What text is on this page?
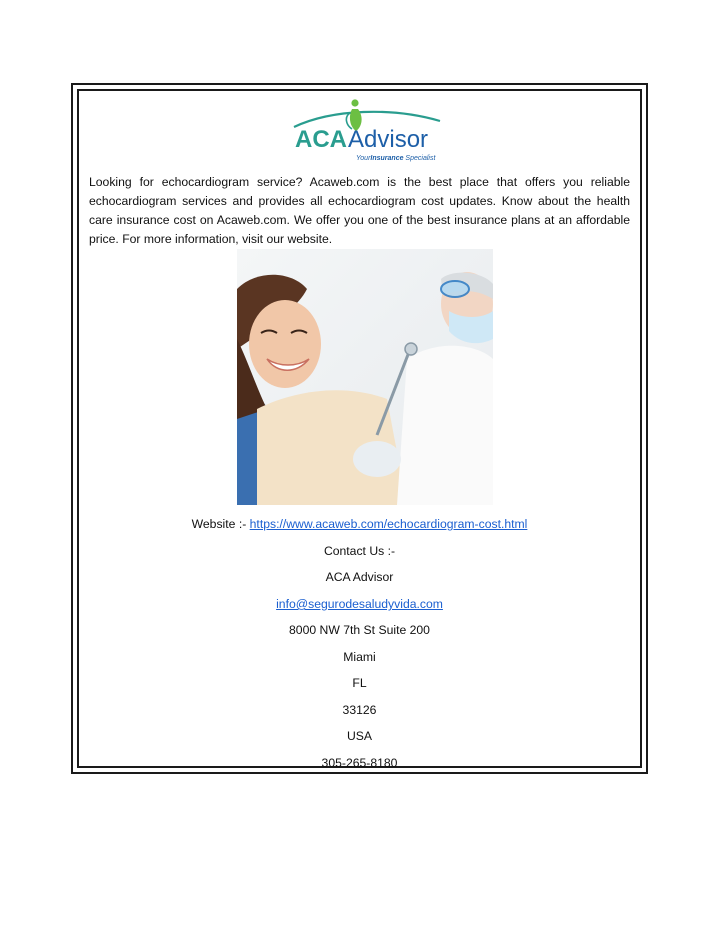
ACA Advisor
YourInsurance Specialist

Looking for echocardiogram service? Acaweb.com is the best place that offers you reliable echocardiogram services and provides all echocardiogram cost updates. Know about the health care insurance cost on Acaweb.com. We offer you one of the best insurance plans at an affordable price. For more information, visit our website.

Website :- https://www.acaweb.com/echocardiogram-cost.html
Contact Us :-
ACA Advisor
info@segurodesaludyvida.com
8000 NW 7th St Suite 200
Miami
FL
33126
USA
305-265-8180
